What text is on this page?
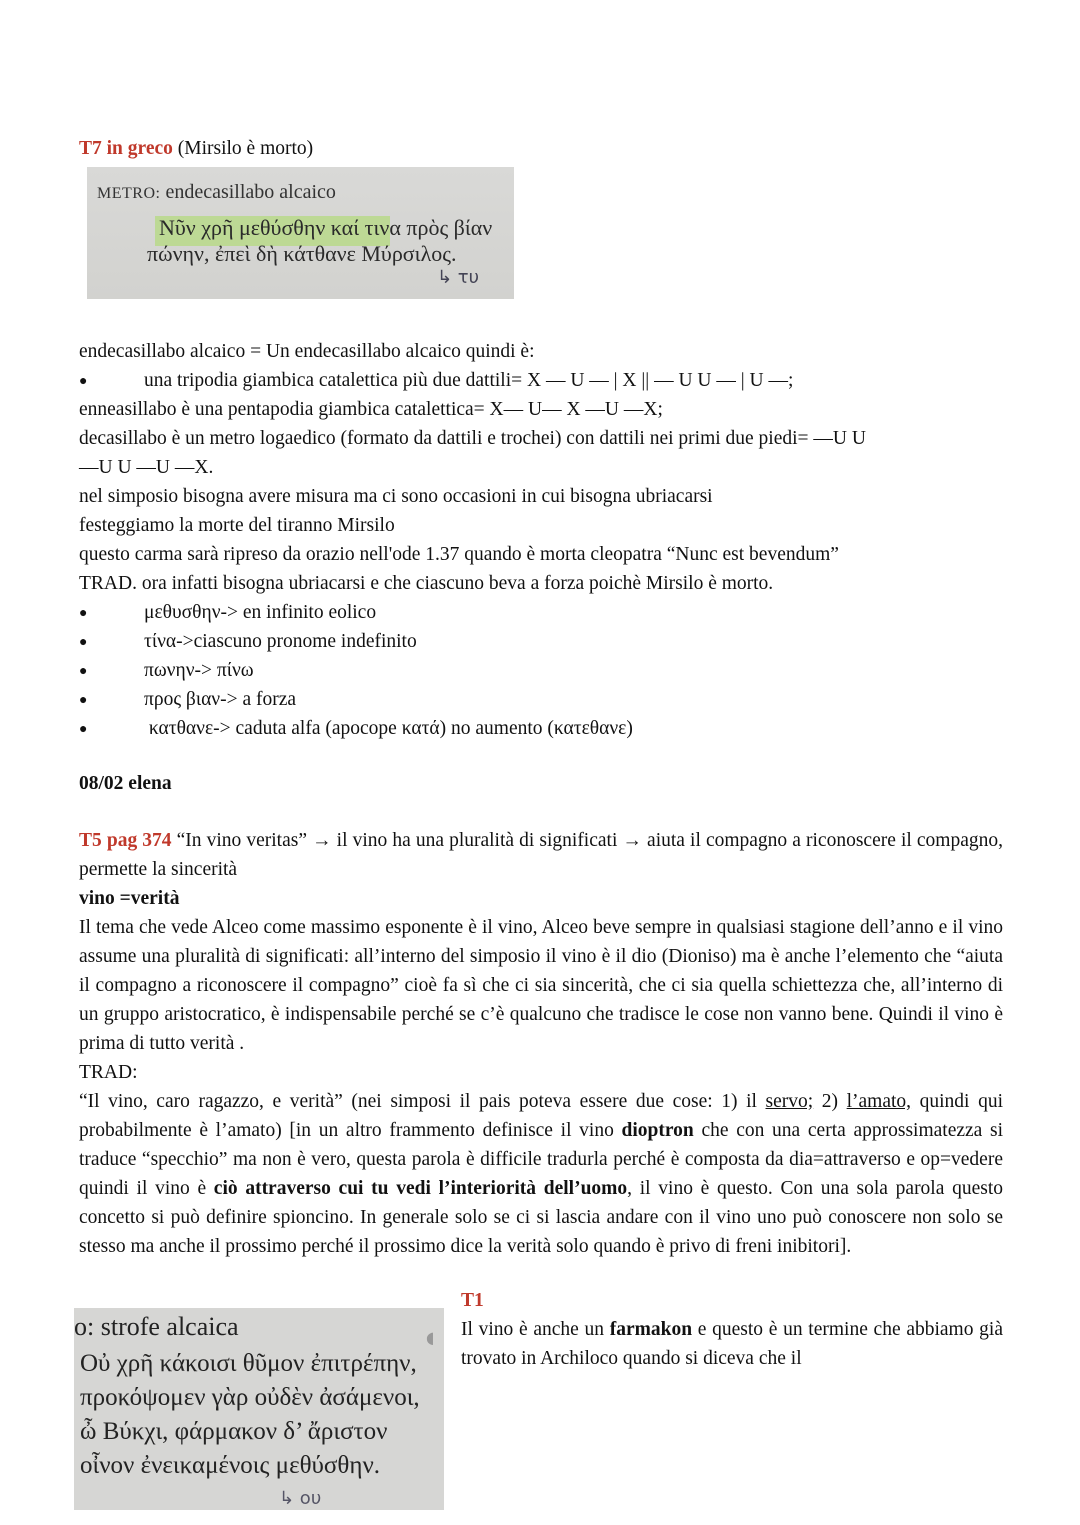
T7 in greco (Mirsilo è morto)
METRO: endecasillabo alcaico
Νῦν χρῆ μεθύσθην καί τινα πρὸς βίαν
πώνην, ἐπεὶ δὴ κάτθανε Μύρσιλος.
↳ τυ
endecasillabo alcaico = Un endecasillabo alcaico quindi è:
●	una tripodia giambica catalettica più due dattili= X — U — | X || — U U — | U —;
enneasillabo è una pentapodia giambica catalettica= X— U— X —U —X;
decasillabo è un metro logaedico (formato da dattili e trochei) con dattili nei primi due piedi= —U U
—U U —U —X.
nel simposio bisogna avere misura ma ci sono occasioni in cui bisogna ubriacarsi
festeggiamo la morte del tiranno Mirsilo
questo carma sarà ripreso da orazio nell'ode 1.37 quando è morta cleopatra “Nunc est bevendum”
TRAD. ora infatti bisogna ubriacarsi e che ciascuno beva a forza poichè Mirsilo è morto.
●	μεθυσθην-> en infinito eolico
●	τίνα->ciascuno pronome indefinito
●	πωνην-> πίνω
●	προς βιαν-> a forza
●	κατθανε-> caduta alfa (apocope κατά) no aumento (κατεθανε)
08/02 elena
T5 pag 374 “In vino veritas” → il vino ha una pluralità di significati → aiuta il compagno a riconoscere il compagno, permette la sincerità
vino =verità
Il tema che vede Alceo come massimo esponente è il vino, Alceo beve sempre in qualsiasi stagione dell’anno e il vino assume una pluralità di significati: all’interno del simposio il vino è il dio (Dioniso) ma è anche l’elemento che “aiuta il compagno a riconoscere il compagno” cioè fa sì che ci sia sincerità, che ci sia quella schiettezza che, all’interno di un gruppo aristocratico, è indispensabile perché se c’è qualcuno che tradisce le cose non vanno bene. Quindi il vino è prima di tutto verità .
TRAD:
“Il vino, caro ragazzo, e verità” (nei simposi il pais poteva essere due cose: 1) il servo; 2) l’amato, quindi qui probabilmente è l’amato) [in un altro frammento definisce il vino dioptron che con una certa approssimatezza si traduce “specchio” ma non è vero, questa parola è difficile tradurla perché è composta da dia=attraverso e op=vedere quindi il vino è ciò attraverso cui tu vedi l’interiorità dell’uomo, il vino è questo. Con una sola parola questo concetto si può definire spioncino. In generale solo se ci si lascia andare con il vino uno può conoscere non solo se stesso ma anche il prossimo perché il prossimo dice la verità solo quando è privo di freni inibitori].
o: strofe alcaica	◖
Οὐ χρῆ κάκοισι θῦμον ἐπιτρέπην,
προκόψομεν γὰρ οὐδὲν ἀσάμενοι,
ὦ Βύκχι, φάρμακον δ’ ἄριστον
οἶνον ἐνεικαμένοις μεθύσθην.
↳ ου
T1
Il vino è anche un farmakon e questo è un termine che abbiamo già trovato in Archiloco quando si diceva che il
